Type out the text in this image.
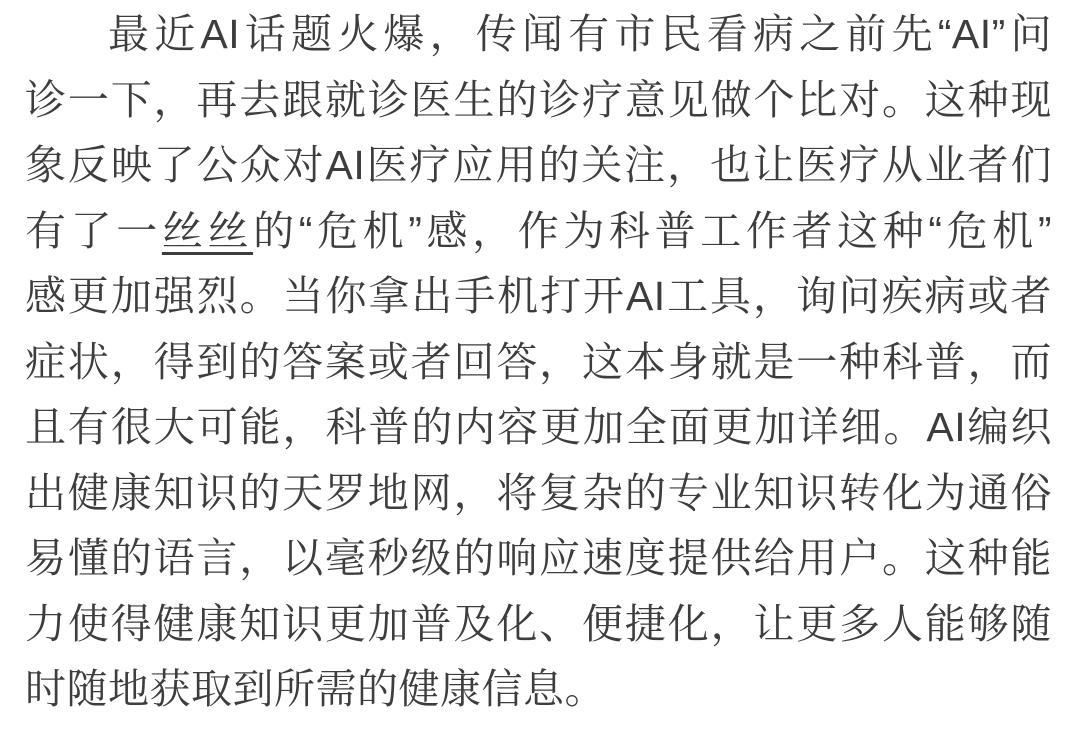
最近AI话题火爆，传闻有市民看病之前先“AI”问
诊一下，再去跟就诊医生的诊疗意见做个比对。这种现
象反映了公众对AI医疗应用的关注，也让医疗从业者们
有了一丝丝的“危机”感，作为科普工作者这种“危机”
感更加强烈。当你拿出手机打开AI工具，询问疾病或者
症状，得到的答案或者回答，这本身就是一种科普，而
且有很大可能，科普的内容更加全面更加详细。AI编织
出健康知识的天罗地网，将复杂的专业知识转化为通俗
易懂的语言，以毫秒级的响应速度提供给用户。这种能
力使得健康知识更加普及化、便捷化，让更多人能够随
时随地获取到所需的健康信息。
